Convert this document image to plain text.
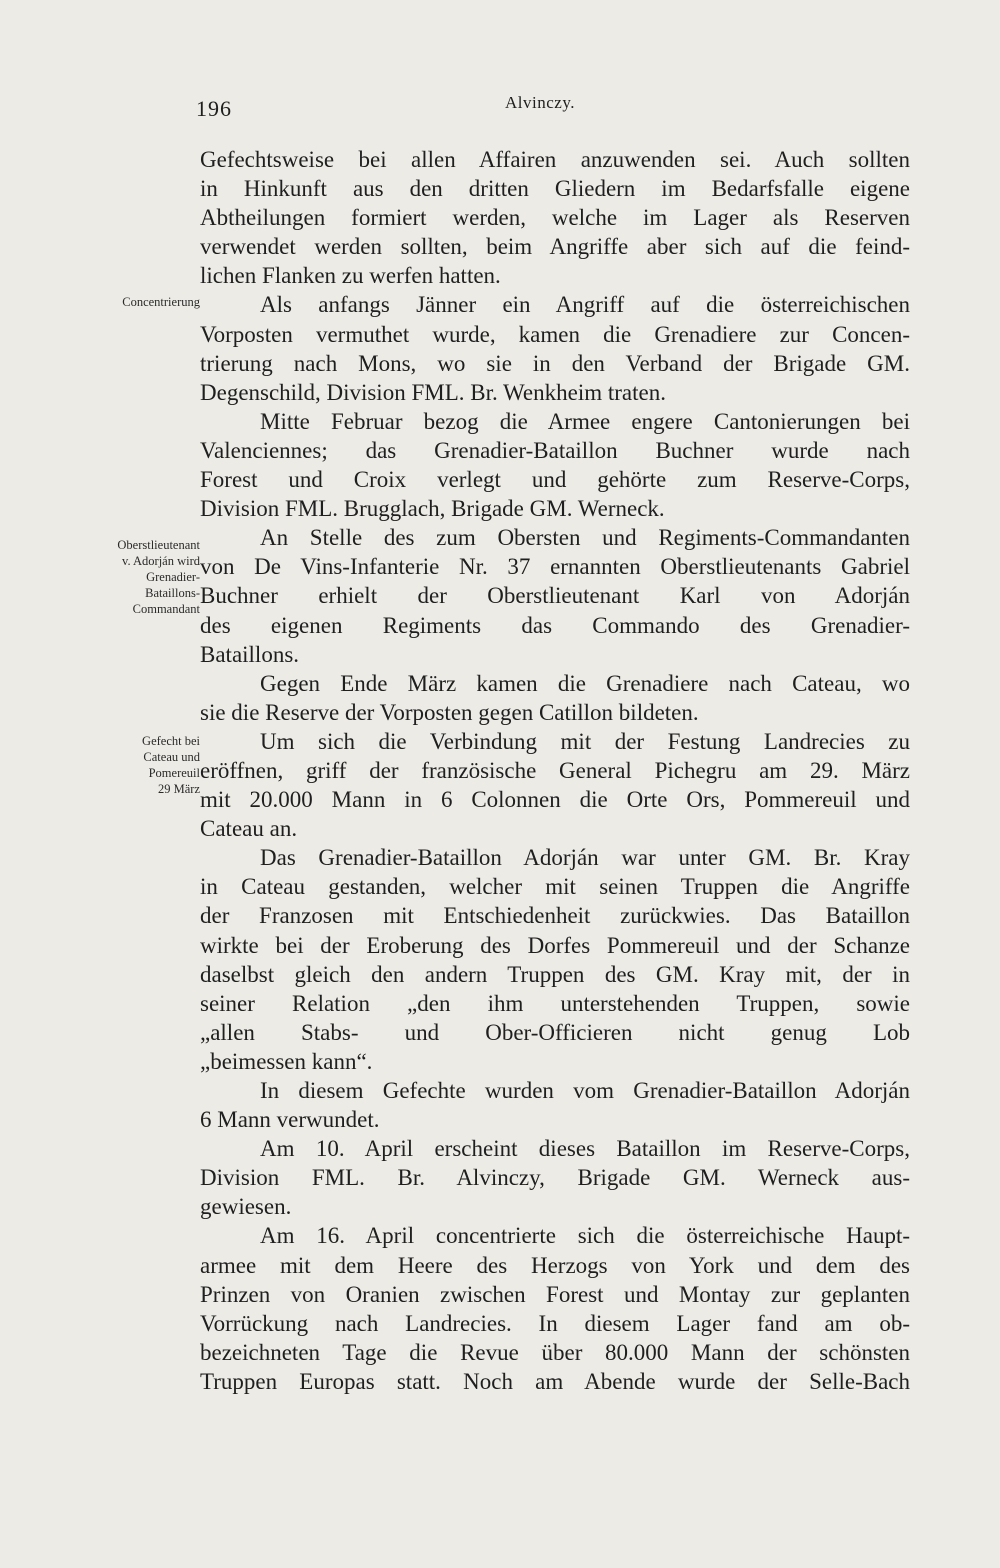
196	Alvinczy.
Concentrierung
Oberstlieutenant
v. Adorján wird
Grenadier-
Bataillons-
Commandant
Gefecht bei
Cateau und
Pomereuil
29 März
Gefechtsweise bei allen Affairen anzuwenden sei. Auch sollten
in Hinkunft aus den dritten Gliedern im Bedarfsfalle eigene
Abtheilungen formiert werden, welche im Lager als Reserven
verwendet werden sollten, beim Angriffe aber sich auf die feind-
lichen Flanken zu werfen hatten.
Als anfangs Jänner ein Angriff auf die österreichischen
Vorposten vermuthet wurde, kamen die Grenadiere zur Concen-
trierung nach Mons, wo sie in den Verband der Brigade GM.
Degenschild, Division FML. Br. Wenkheim traten.
Mitte Februar bezog die Armee engere Cantonierungen bei
Valenciennes; das Grenadier-Bataillon Buchner wurde nach
Forest und Croix verlegt und gehörte zum Reserve-Corps,
Division FML. Brugglach, Brigade GM. Werneck.
An Stelle des zum Obersten und Regiments-Commandanten
von De Vins-Infanterie Nr. 37 ernannten Oberstlieutenants Gabriel
Buchner erhielt der Oberstlieutenant Karl von Adorján
des eigenen Regiments das Commando des Grenadier-
Bataillons.
Gegen Ende März kamen die Grenadiere nach Cateau, wo
sie die Reserve der Vorposten gegen Catillon bildeten.
Um sich die Verbindung mit der Festung Landrecies zu
eröffnen, griff der französische General Pichegru am 29. März
mit 20.000 Mann in 6 Colonnen die Orte Ors, Pommereuil und
Cateau an.
Das Grenadier-Bataillon Adorján war unter GM. Br. Kray
in Cateau gestanden, welcher mit seinen Truppen die Angriffe
der Franzosen mit Entschiedenheit zurückwies. Das Bataillon
wirkte bei der Eroberung des Dorfes Pommereuil und der Schanze
daselbst gleich den andern Truppen des GM. Kray mit, der in
seiner Relation „den ihm unterstehenden Truppen, sowie
„allen Stabs- und Ober-Officieren nicht genug Lob
„beimessen kann“.
In diesem Gefechte wurden vom Grenadier-Bataillon Adorján
6 Mann verwundet.
Am 10. April erscheint dieses Bataillon im Reserve-Corps,
Division FML. Br. Alvinczy, Brigade GM. Werneck aus-
gewiesen.
Am 16. April concentrierte sich die österreichische Haupt-
armee mit dem Heere des Herzogs von York und dem des
Prinzen von Oranien zwischen Forest und Montay zur geplanten
Vorrückung nach Landrecies. In diesem Lager fand am ob-
bezeichneten Tage die Revue über 80.000 Mann der schönsten
Truppen Europas statt. Noch am Abende wurde der Selle-Bach
